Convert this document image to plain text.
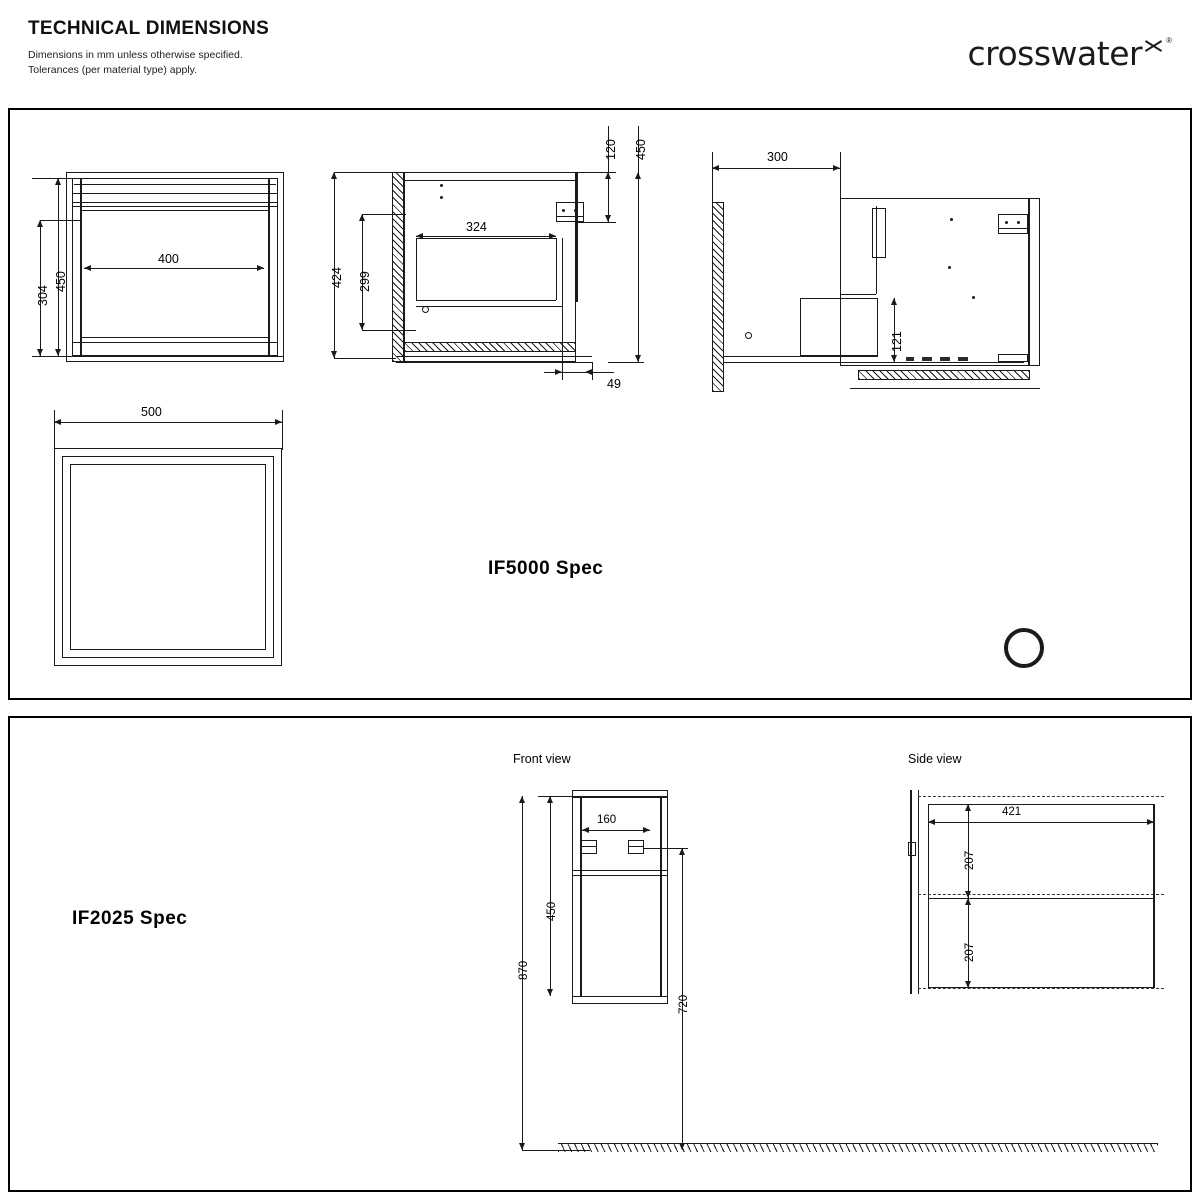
TECHNICAL DIMENSIONS
Dimensions in mm unless otherwise specified.
Tolerances (per material type) apply.	crosswater	®
400
450
304
500
324
299
424
120 450
49
300
121
IF5000 Spec
IF2025 Spec
Front view	Side view
160
450
870
720
421
207
207
